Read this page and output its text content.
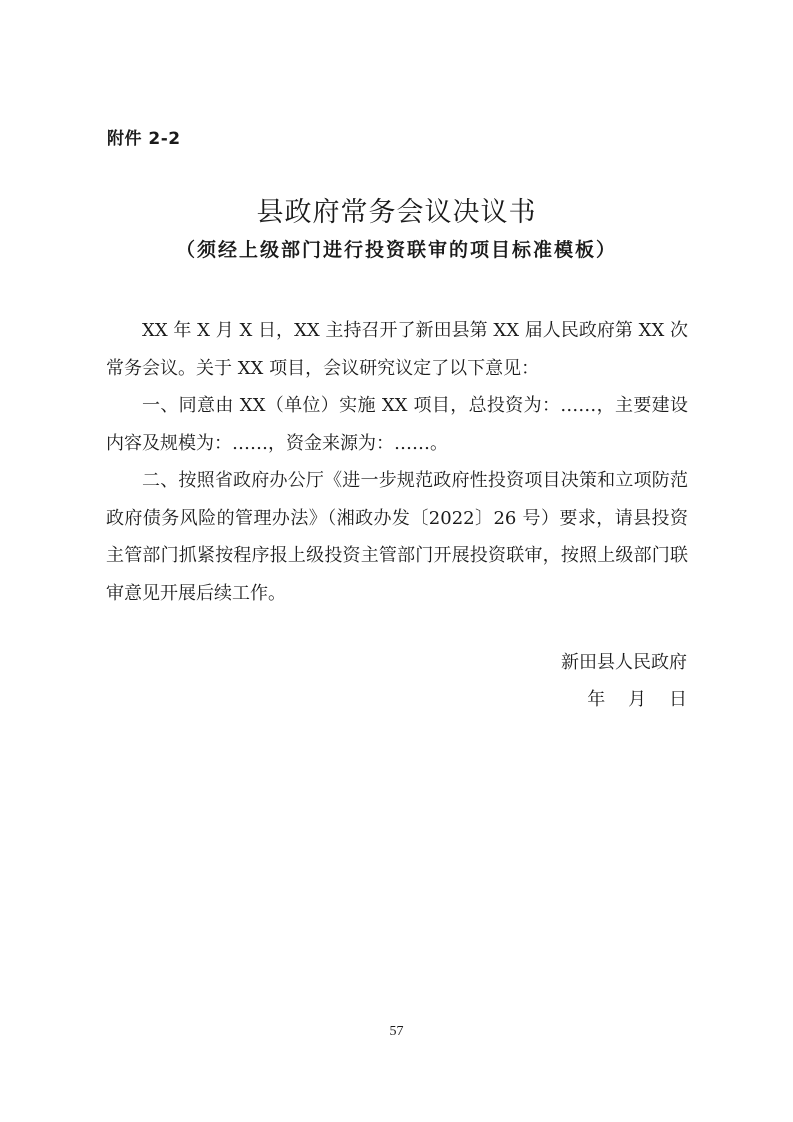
附件 2-2
县政府常务会议决议书
（须经上级部门进行投资联审的项目标准模板）

XX 年 X 月 X 日，XX 主持召开了新田县第 XX 届人民政府第 XX 次常务会议。关于 XX 项目，会议研究议定了以下意见：

一、同意由 XX（单位）实施 XX 项目，总投资为：……，主要建设内容及规模为：……，资金来源为：……。

二、按照省政府办公厅《进一步规范政府性投资项目决策和立项防范政府债务风险的管理办法》（湘政办发〔2022〕26 号）要求，请县投资主管部门抓紧按程序报上级投资主管部门开展投资联审，按照上级部门联审意见开展后续工作。

新田县人民政府
年    月    日
57
